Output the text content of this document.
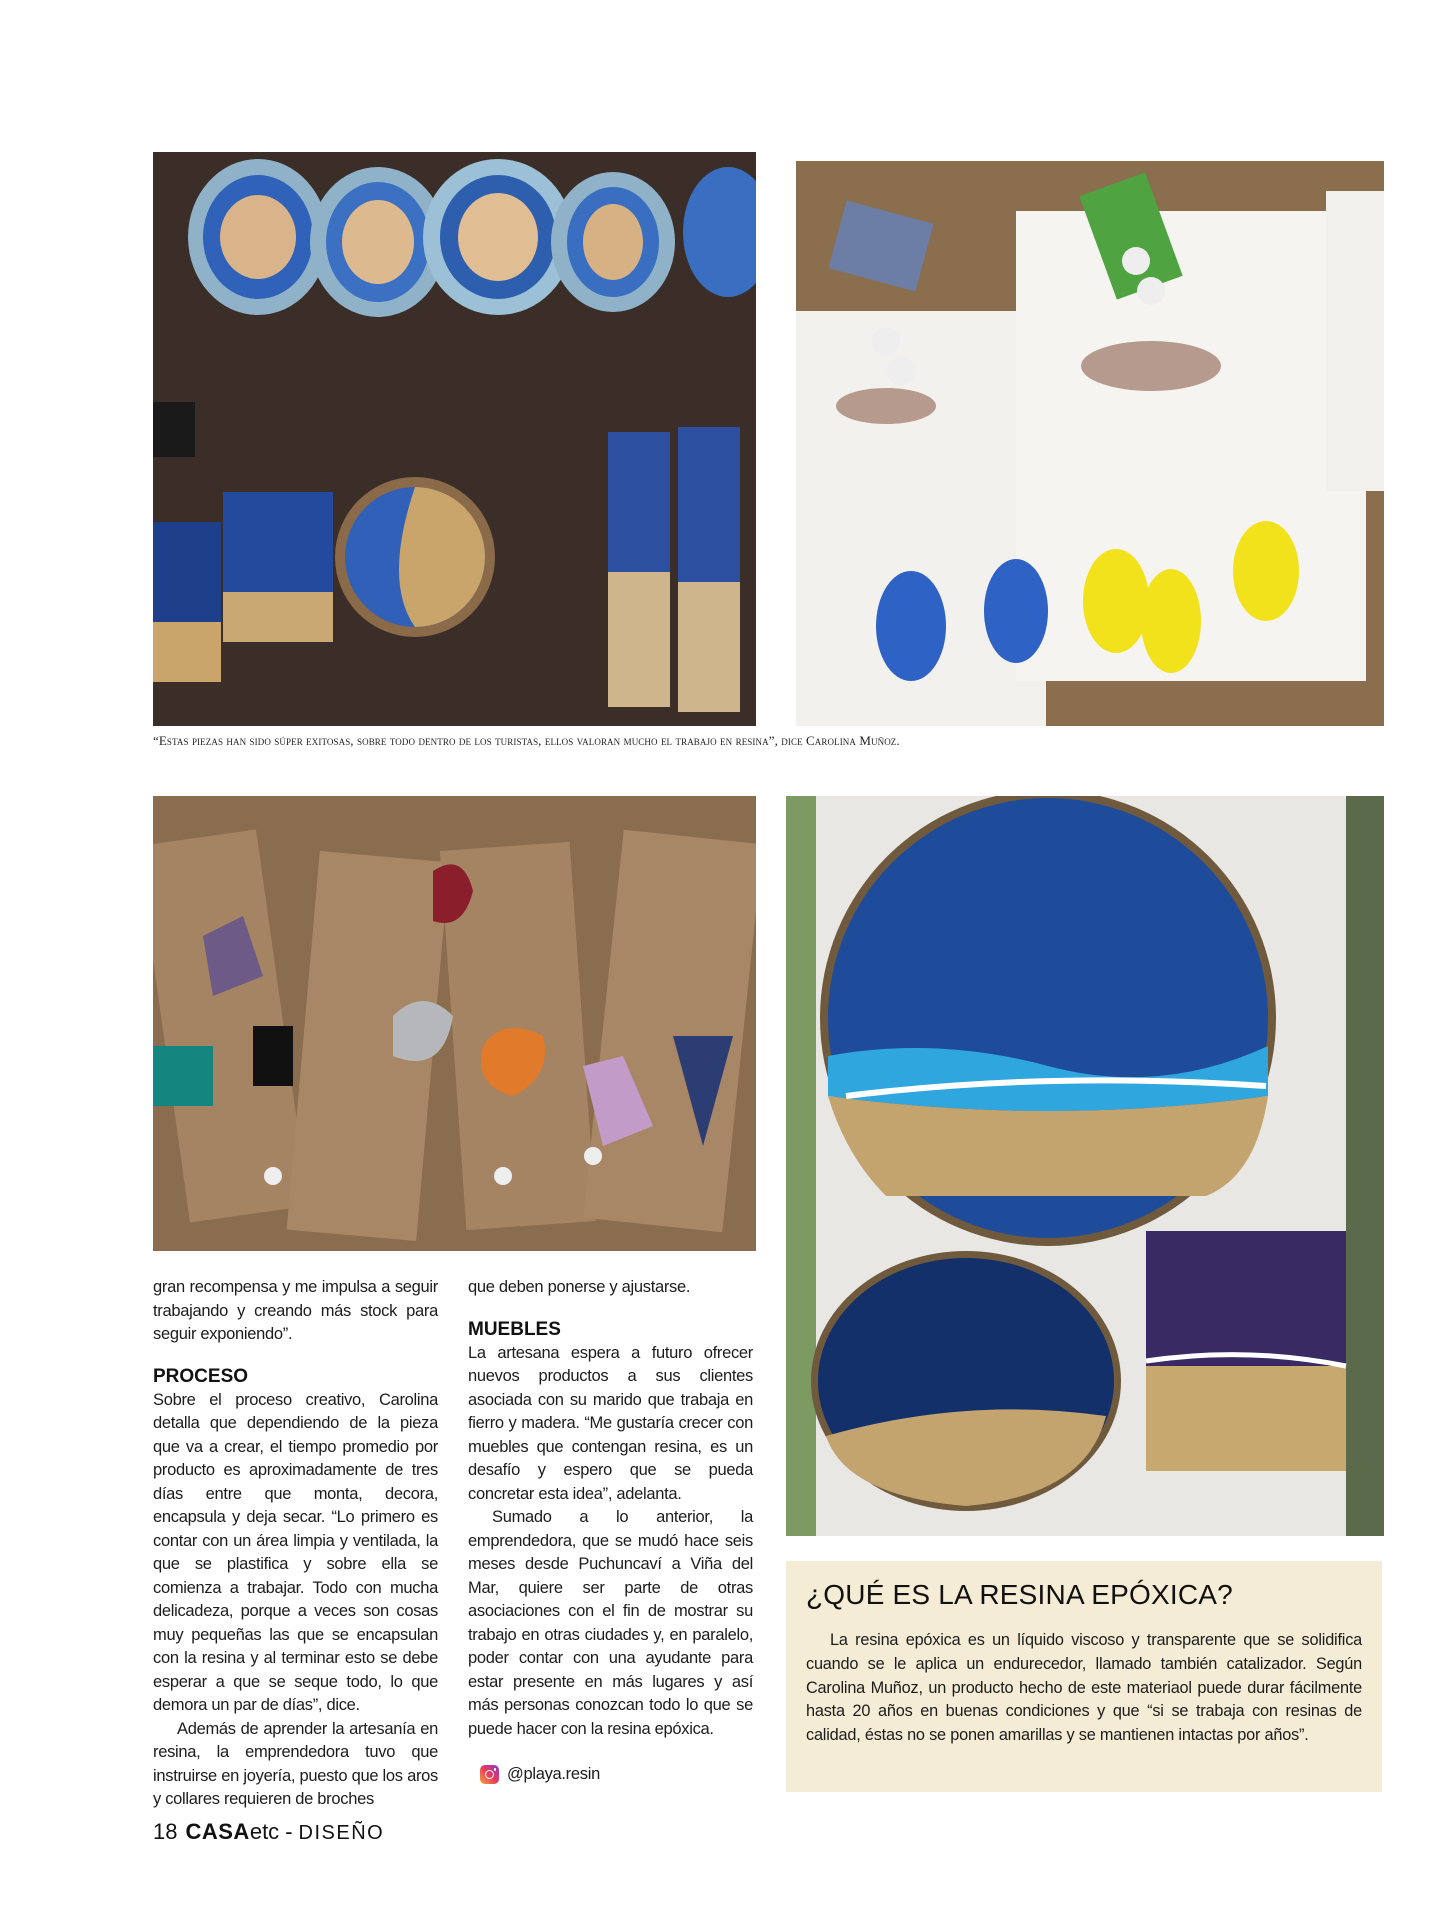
“Estas piezas han sido súper exitosas, sobre todo dentro de los turistas, ellos valoran mucho el trabajo en resina”, dice Carolina Muñoz.

gran recompensa y me impulsa a seguir trabajando y creando más stock para seguir exponiendo”.

PROCESO

Sobre el proceso creativo, Carolina detalla que dependiendo de la pieza que va a crear, el tiempo promedio por producto es aproximadamente de tres días entre que monta, decora, encapsula y deja secar. “Lo primero es contar con un área limpia y ventilada, la que se plastifica y sobre ella se comienza a trabajar. Todo con mucha delicadeza, porque a veces son cosas muy pequeñas las que se encapsulan con la resina y al terminar esto se debe esperar a que se seque todo, lo que demora un par de días”, dice.

Además de aprender la artesanía en resina, la emprendedora tuvo que instruirse en joyería, puesto que los aros y collares requieren de broches

que deben ponerse y ajustarse.

MUEBLES

La artesana espera a futuro ofrecer nuevos productos a sus clientes asociada con su marido que trabaja en fierro y madera. “Me gustaría crecer con muebles que contengan resina, es un desafío y espero que se pueda concretar esta idea”, adelanta.

Sumado a lo anterior, la emprendedora, que se mudó hace seis meses desde Puchuncaví a Viña del Mar, quiere ser parte de otras asociaciones con el fin de mostrar su trabajo en otras ciudades y, en paralelo, poder contar con una ayudante para estar presente en más lugares y así más personas conozcan todo lo que se puede hacer con la resina epóxica.

@playa.resin
¿QUÉ ES LA RESINA EPÓXICA?

La resina epóxica es un líquido viscoso y transparente que se solidifica cuando se le aplica un endurecedor, llamado también catalizador. Según Carolina Muñoz, un producto hecho de este materiaol puede durar fácilmente hasta 20 años en buenas condiciones y que “si se trabaja con resinas de calidad, éstas no se ponen amarillas y se mantienen intactas por años”.

18 CASA etc - DISEÑO
